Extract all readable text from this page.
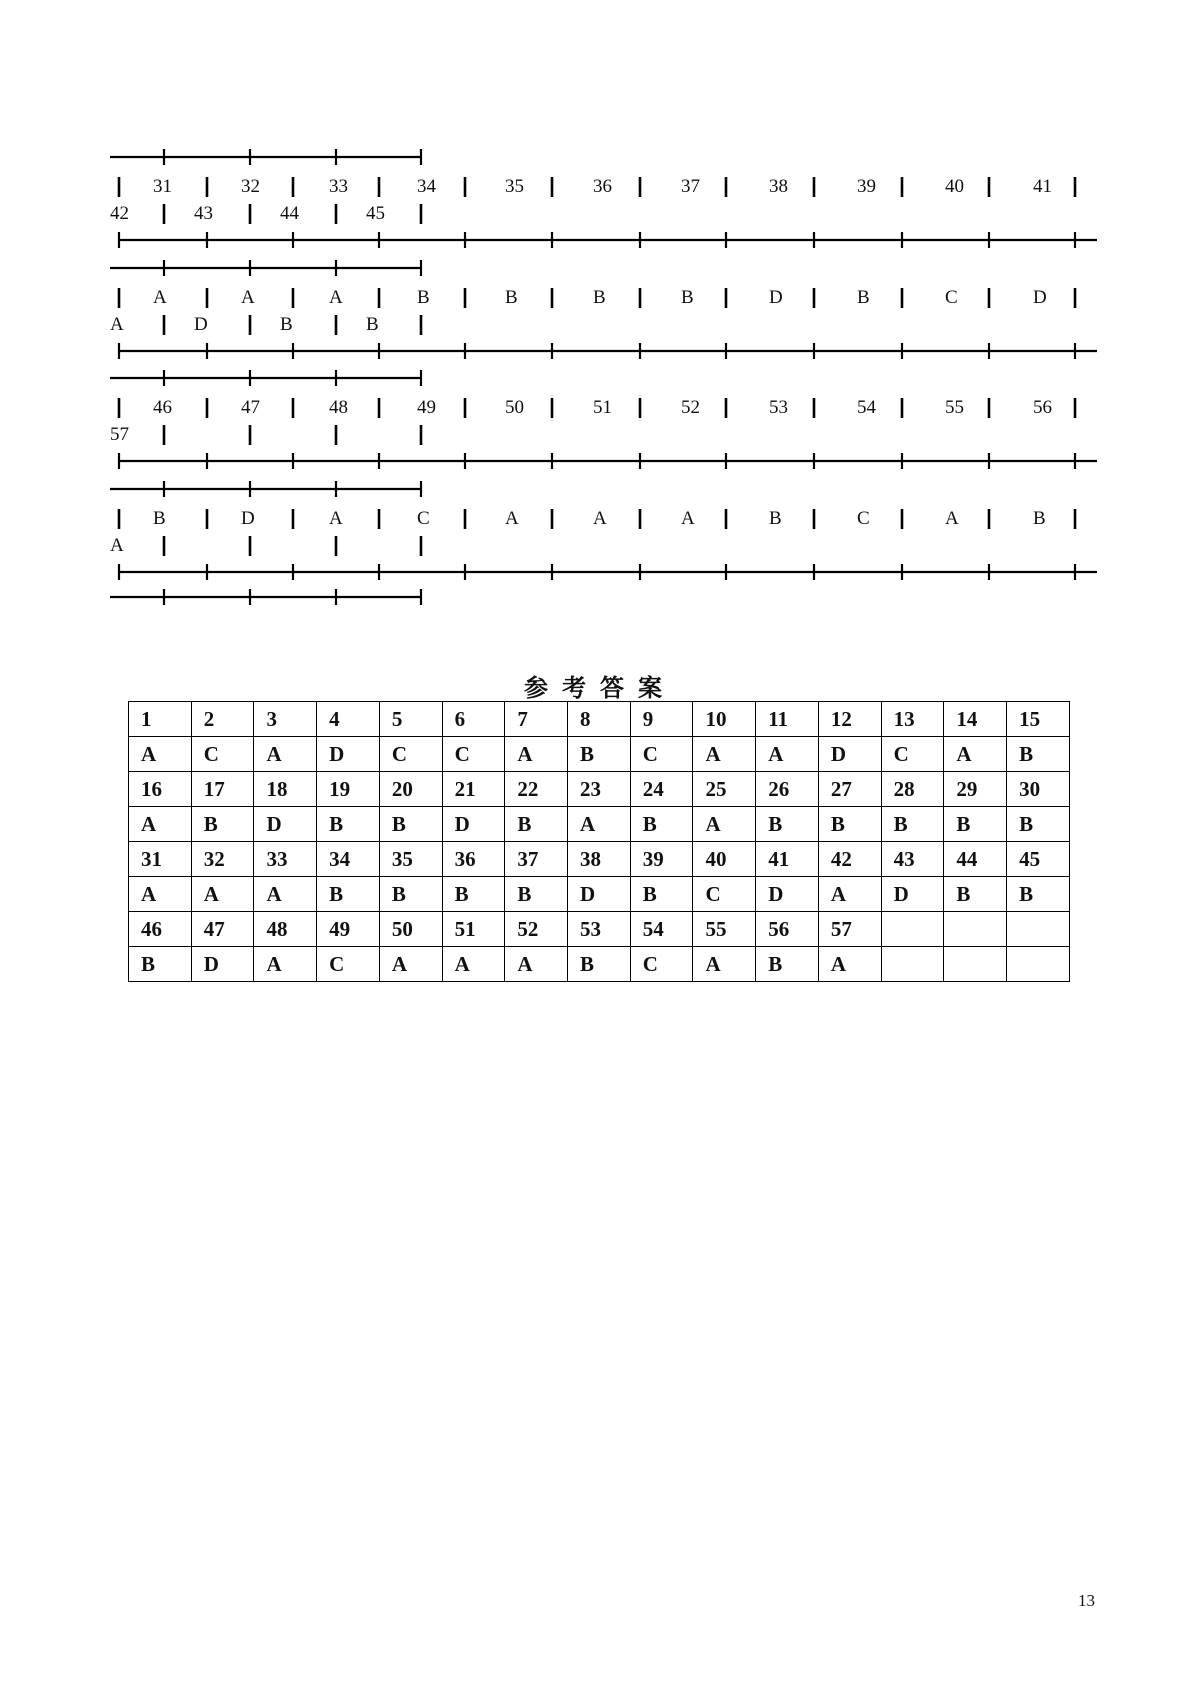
31	32	33	34	35	36	37	38	39	40	41
42	43	44	45
A	A	A	B	B	B	B	D	B	C	D
A	D	B	B
46	47	48	49	50	51	52	53	54	55	56
57
B	D	A	C	A	A	A	B	C	A	B
A
参考答案
1	2	3	4	5	6	7	8	9	10	11	12	13	14	15
A	C	A	D	C	C	A	B	C	A	A	D	C	A	B
16	17	18	19	20	21	22	23	24	25	26	27	28	29	30
A	B	D	B	B	D	B	A	B	A	B	B	B	B	B
31	32	33	34	35	36	37	38	39	40	41	42	43	44	45
A	A	A	B	B	B	B	D	B	C	D	A	D	B	B
46	47	48	49	50	51	52	53	54	55	56	57			
B	D	A	C	A	A	A	B	C	A	B	A			
13
